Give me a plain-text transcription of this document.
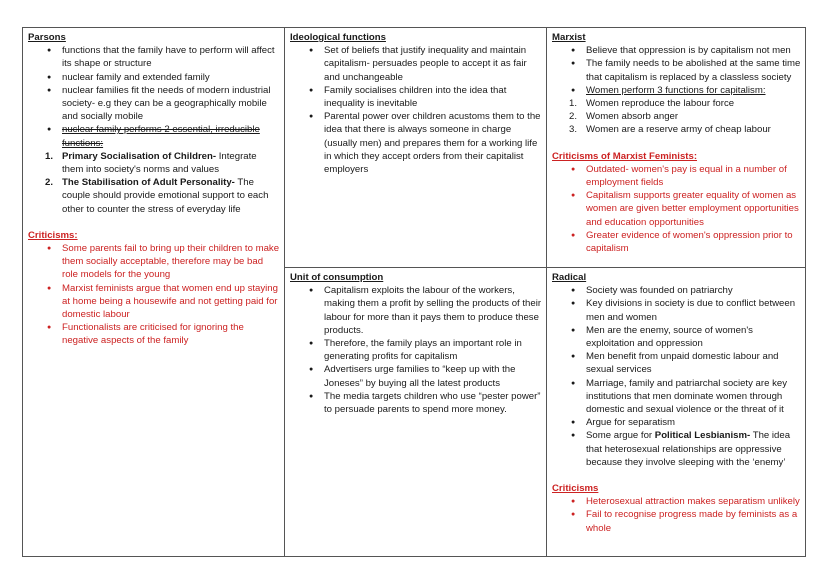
Parsons
● functions that the family have to perform will affect its shape or structure
● nuclear family and extended family
● nuclear families fit the needs of modern industrial society- e.g they can be a geographically mobile and socially mobile
● nuclear family performs 2 essential, irreducible functions:
1. Primary Socialisation of Children- Integrate them into society's norms and values
2. The Stabilisation of Adult Personality- The couple should provide emotional support to each other to counter the stress of everyday life
Criticisms:
● Some parents fail to bring up their children to make them socially acceptable, therefore may be bad role models for the young
● Marxist feminists argue that women end up staying at home being a housewife and not getting paid for domestic labour
● Functionalists are criticised for ignoring the negative aspects of the family
Ideological functions
● Set of beliefs that justify inequality and maintain capitalism- persuades people to accept it as fair and unchangeable
● Family socialises children into the idea that inequality is inevitable
● Parental power over children acustoms them to the idea that there is always someone in charge (usually men) and prepares them for a working life in which they accept orders from their capitalist employers
Unit of consumption
● Capitalism exploits the labour of the workers, making them a profit by selling the products of their labour for more than it pays them to produce these products.
● Therefore, the family plays an important role in generating profits for capitalism
● Advertisers urge families to “keep up with the Joneses” by buying all the latest products
● The media targets children who use “pester power” to persuade parents to spend more money.
Marxist
● Believe that oppression is by capitalism not men
● The family needs to be abolished at the same time that capitalism is replaced by a classless society
● Women perform 3 functions for capitalism:
1. Women reproduce the labour force
2. Women absorb anger
3. Women are a reserve army of cheap labour
Criticisms of Marxist Feminists:
● Outdated- women's pay is equal in a number of employment fields
● Capitalism supports greater equality of women as women are given better employment opportunities and education opportunities
● Greater evidence of women's oppression prior to capitalism
Radical
● Society was founded on patriarchy
● Key divisions in society is due to conflict between men and women
● Men are the enemy, source of women's exploitation and oppression
● Men benefit from unpaid domestic labour and sexual services
● Marriage, family and patriarchal society are key institutions that men dominate women through domestic and sexual violence or the threat of it
● Argue for separatism
● Some argue for Political Lesbianism- The idea that heterosexual relationships are oppressive because they involve sleeping with the ‘enemy’
Criticisms
● Heterosexual attraction makes separatism unlikely
● Fail to recognise progress made by feminists as a whole
